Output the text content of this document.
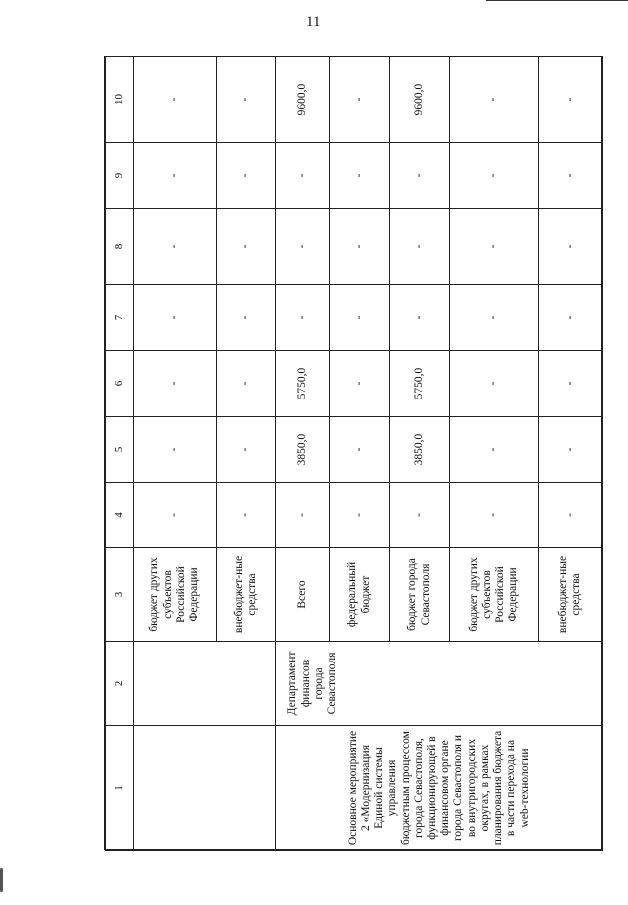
11
1	2	3	4	5	6	7	8	9	10
		бюджет других субъектов Российской Федерации	-	-	-	-	-	-	-
		внебюджет-ные средства	-	-	-	-	-	-	-
Основное мероприятие 2 «Модернизация Единой системы управления бюджетным процессом города Севастополя, функционирующей в финансовом органе города Севастополя и во внутригородских округах, в рамках планирования бюджета в части перехода на web-технологии	Департамент финансов города Севастополя	Всего	-	3850,0	5750,0	-	-	-	9600,0
		федеральный бюджет	-	-	-	-	-	-	-
		бюджет города Севастополя	-	3850,0	5750,0	-	-	-	9600,0
		бюджет других субъектов Российской Федерации	-	-	-	-	-	-	-
		внебюджет-ные средства	-	-	-	-	-	-	-
